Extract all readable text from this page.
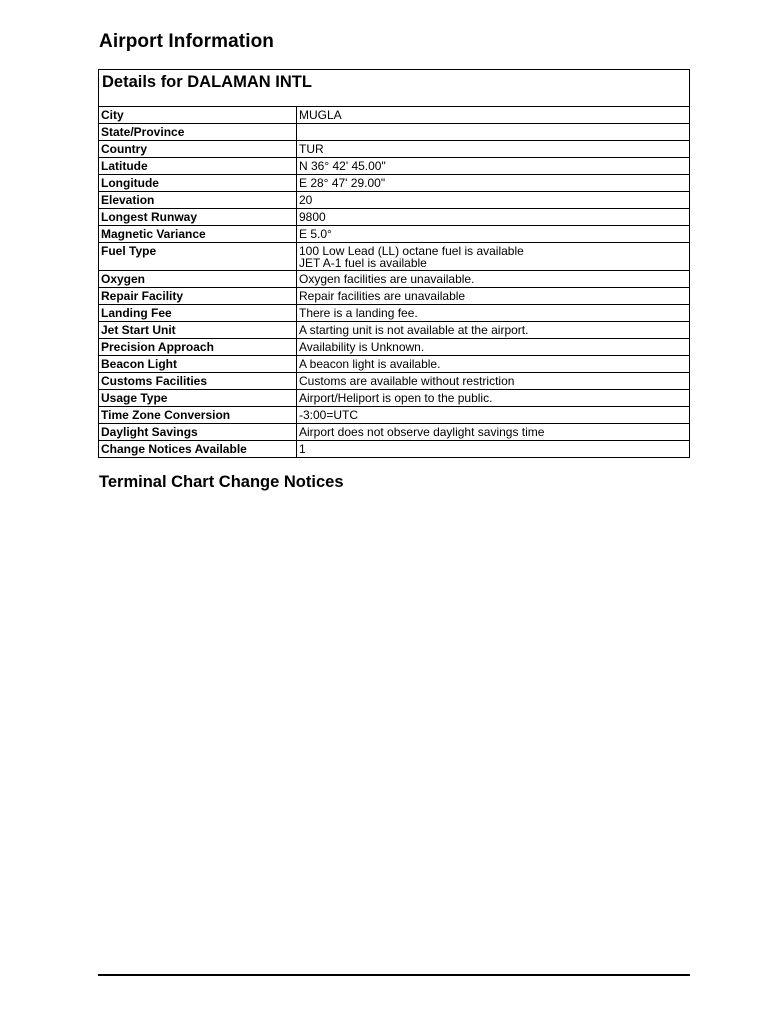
Airport Information
Details for DALAMAN INTL
City	MUGLA

State/Province	

Country	TUR

Latitude	N 36° 42' 45.00"

Longitude	E 28° 47' 29.00"

Elevation	20

Longest Runway	9800

Magnetic Variance	E 5.0°

Fuel Type	100 Low Lead (LL) octane fuel is available
JET A-1 fuel is available

Oxygen	Oxygen facilities are unavailable.

Repair Facility	Repair facilities are unavailable

Landing Fee	There is a landing fee.

Jet Start Unit	A starting unit is not available at the airport.

Precision Approach	Availability is Unknown.

Beacon Light	A beacon light is available.

Customs Facilities	Customs are available without restriction

Usage Type	Airport/Heliport is open to the public.

Time Zone Conversion	-3:00=UTC

Daylight Savings	Airport does not observe daylight savings time

Change Notices Available	1
Terminal Chart Change Notices
